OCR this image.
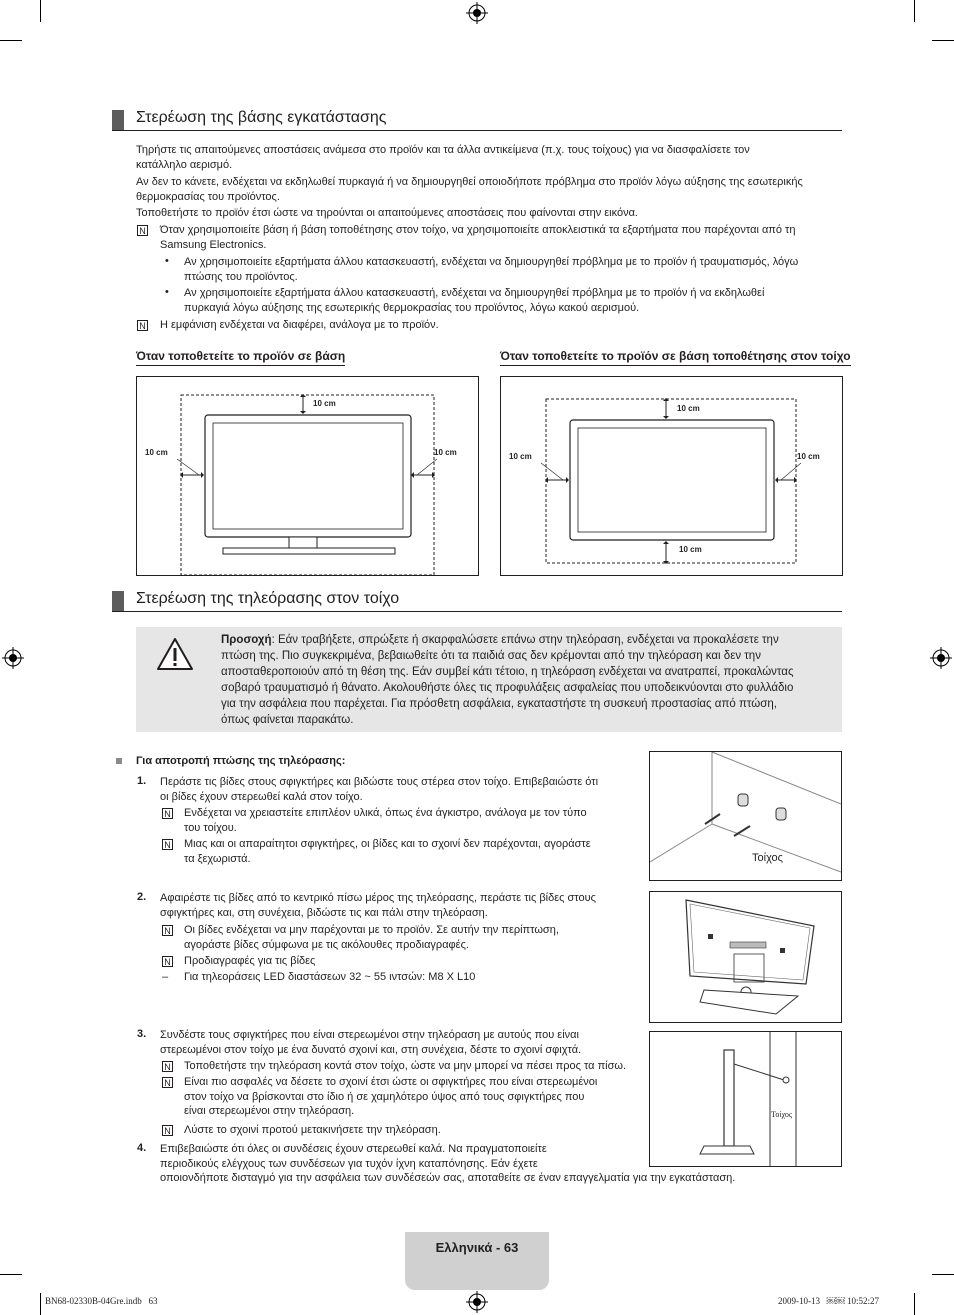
Στερέωση της βάσης εγκατάστασης
Τηρήστε τις απαιτούμενες αποστάσεις ανάμεσα στο προϊόν και τα άλλα αντικείμενα (π.χ. τους τοίχους) για να διασφαλίσετε τον
κατάλληλο αερισμό.
Αν δεν το κάνετε, ενδέχεται να εκδηλωθεί πυρκαγιά ή να δημιουργηθεί οποιοδήποτε πρόβλημα στο προϊόν λόγω αύξησης της εσωτερικής
θερμοκρασίας του προϊόντος.
Τοποθετήστε το προϊόν έτσι ώστε να τηρούνται οι απαιτούμενες αποστάσεις που φαίνονται στην εικόνα.
N Όταν χρησιμοποιείτε βάση ή βάση τοποθέτησης στον τοίχο, να χρησιμοποιείτε αποκλειστικά τα εξαρτήματα που παρέχονται από τη
Samsung Electronics.
• Αν χρησιμοποιείτε εξαρτήματα άλλου κατασκευαστή, ενδέχεται να δημιουργηθεί πρόβλημα με το προϊόν ή τραυματισμός, λόγω
πτώσης του προϊόντος.
• Αν χρησιμοποιείτε εξαρτήματα άλλου κατασκευαστή, ενδέχεται να δημιουργηθεί πρόβλημα με το προϊόν ή να εκδηλωθεί
πυρκαγιά λόγω αύξησης της εσωτερικής θερμοκρασίας του προϊόντος, λόγω κακού αερισμού.
N Η εμφάνιση ενδέχεται να διαφέρει, ανάλογα με το προϊόν.
Όταν τοποθετείτε το προϊόν σε βάση	Όταν τοποθετείτε το προϊόν σε βάση τοποθέτησης στον τοίχο
10 cm
10 cm	10 cm
10 cm
10 cm	10 cm
10 cm
Στερέωση της τηλεόρασης στον τοίχο
Προσοχή: Εάν τραβήξετε, σπρώξετε ή σκαρφαλώσετε επάνω στην τηλεόραση, ενδέχεται να προκαλέσετε την
πτώση της. Πιο συγκεκριμένα, βεβαιωθείτε ότι τα παιδιά σας δεν κρέμονται από την τηλεόραση και δεν την
αποσταθεροποιούν από τη θέση της. Εάν συμβεί κάτι τέτοιο, η τηλεόραση ενδέχεται να ανατραπεί, προκαλώντας
σοβαρό τραυματισμό ή θάνατο. Ακολουθήστε όλες τις προφυλάξεις ασφαλείας που υποδεικνύονται στο φυλλάδιο
για την ασφάλεια που παρέχεται. Για πρόσθετη ασφάλεια, εγκαταστήστε τη συσκευή προστασίας από πτώση,
όπως φαίνεται παρακάτω.
Για αποτροπή πτώσης της τηλεόρασης:
1. Περάστε τις βίδες στους σφιγκτήρες και βιδώστε τους στέρεα στον τοίχο. Επιβεβαιώστε ότι
οι βίδες έχουν στερεωθεί καλά στον τοίχο.
N Ενδέχεται να χρειαστείτε επιπλέον υλικά, όπως ένα άγκιστρο, ανάλογα με τον τύπο
του τοίχου.
N Μιας και οι απαραίτητοι σφιγκτήρες, οι βίδες και το σχοινί δεν παρέχονται, αγοράστε
τα ξεχωριστά.	Τοίχος
2. Αφαιρέστε τις βίδες από το κεντρικό πίσω μέρος της τηλεόρασης, περάστε τις βίδες στους
σφιγκτήρες και, στη συνέχεια, βιδώστε τις και πάλι στην τηλεόραση.
N Οι βίδες ενδέχεται να μην παρέχονται με το προϊόν. Σε αυτήν την περίπτωση,
αγοράστε βίδες σύμφωνα με τις ακόλουθες προδιαγραφές.
N Προδιαγραφές για τις βίδες
– Για τηλεοράσεις LED διαστάσεων 32 ~ 55 ιντσών: M8 X L10
3. Συνδέστε τους σφιγκτήρες που είναι στερεωμένοι στην τηλεόραση με αυτούς που είναι
στερεωμένοι στον τοίχο με ένα δυνατό σχοινί και, στη συνέχεια, δέστε το σχοινί σφιχτά.
N Τοποθετήστε την τηλεόραση κοντά στον τοίχο, ώστε να μην μπορεί να πέσει προς τα πίσω.
N Είναι πιο ασφαλές να δέσετε το σχοινί έτσι ώστε οι σφιγκτήρες που είναι στερεωμένοι
στον τοίχο να βρίσκονται στο ίδιο ή σε χαμηλότερο ύψος από τους σφιγκτήρες που
είναι στερεωμένοι στην τηλεόραση.
N Λύστε το σχοινί προτού μετακινήσετε την τηλεόραση.
Τοίχος
4. Επιβεβαιώστε ότι όλες οι συνδέσεις έχουν στερεωθεί καλά. Να πραγματοποιείτε
περιοδικούς ελέγχους των συνδέσεων για τυχόν ίχνη καταπόνησης. Εάν έχετε
οποιονδήποτε δισταγμό για την ασφάλεια των συνδέσεών σας, αποταθείτε σε έναν επαγγελματία για την εγκατάσταση.
Ελληνικά - 63
BN68-02330B-04Gre.indb   63	2009-10-13   ￼￼ 10:52:27
